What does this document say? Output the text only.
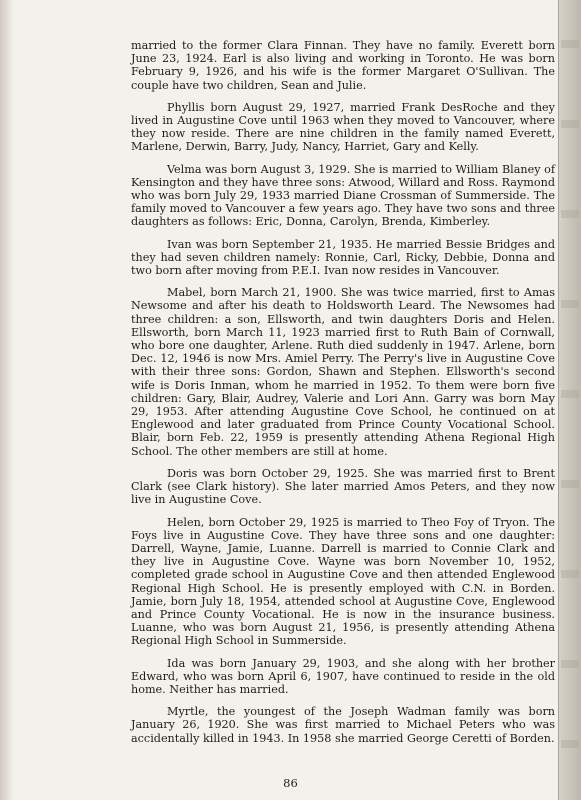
married to the former Clara Finnan. They have no family. Everett born June 23, 1924. Earl is also living and working in Toronto. He was born February 9, 1926, and his wife is the former Margaret O'Sullivan. The couple have two children, Sean and Julie.

Phyllis born August 29, 1927, married Frank DesRoche and they lived in Augustine Cove until 1963 when they moved to Vancouver, where they now reside. There are nine children in the family named Everett, Marlene, Derwin, Barry, Judy, Nancy, Harriet, Gary and Kelly.

Velma was born August 3, 1929. She is married to William Blaney of Kensington and they have three sons: Atwood, Willard and Ross. Raymond who was born July 29, 1933 married Diane Crossman of Summerside. The family moved to Vancouver a few years ago. They have two sons and three daughters as follows: Eric, Donna, Carolyn, Brenda, Kimberley.

Ivan was born September 21, 1935. He married Bessie Bridges and they had seven children namely: Ronnie, Carl, Ricky, Debbie, Donna and two born after moving from P.E.I. Ivan now resides in Vancouver.

Mabel, born March 21, 1900. She was twice married, first to Amas Newsome and after his death to Holdsworth Leard. The Newsomes had three children: a son, Ellsworth, and twin daughters Doris and Helen. Ellsworth, born March 11, 1923 married first to Ruth Bain of Cornwall, who bore one daughter, Arlene. Ruth died suddenly in 1947. Arlene, born Dec. 12, 1946 is now Mrs. Amiel Perry. The Perry's live in Augustine Cove with their three sons: Gordon, Shawn and Stephen. Ellsworth's second wife is Doris Inman, whom he married in 1952. To them were born five children: Gary, Blair, Audrey, Valerie and Lori Ann. Garry was born May 29, 1953. After attending Augustine Cove School, he continued on at Englewood and later graduated from Prince County Vocational School. Blair, born Feb. 22, 1959 is presently attending Athena Regional High School. The other members are still at home.

Doris was born October 29, 1925. She was married first to Brent Clark (see Clark history). She later married Amos Peters, and they now live in Augustine Cove.

Helen, born October 29, 1925 is married to Theo Foy of Tryon. The Foys live in Augustine Cove. They have three sons and one daughter: Darrell, Wayne, Jamie, Luanne. Darrell is married to Connie Clark and they live in Augustine Cove. Wayne was born November 10, 1952, completed grade school in Augustine Cove and then attended Englewood Regional High School. He is presently employed with C.N. in Borden. Jamie, born July 18, 1954, attended school at Augustine Cove, Englewood and Prince County Vocational. He is now in the insurance business. Luanne, who was born August 21, 1956, is presently attending Athena Regional High School in Summerside.

Ida was born January 29, 1903, and she along with her brother Edward, who was born April 6, 1907, have continued to reside in the old home. Neither has married.

Myrtle, the youngest of the Joseph Wadman family was born January 26, 1920. She was first married to Michael Peters who was accidentally killed in 1943. In 1958 she married George Ceretti of Borden.

86
